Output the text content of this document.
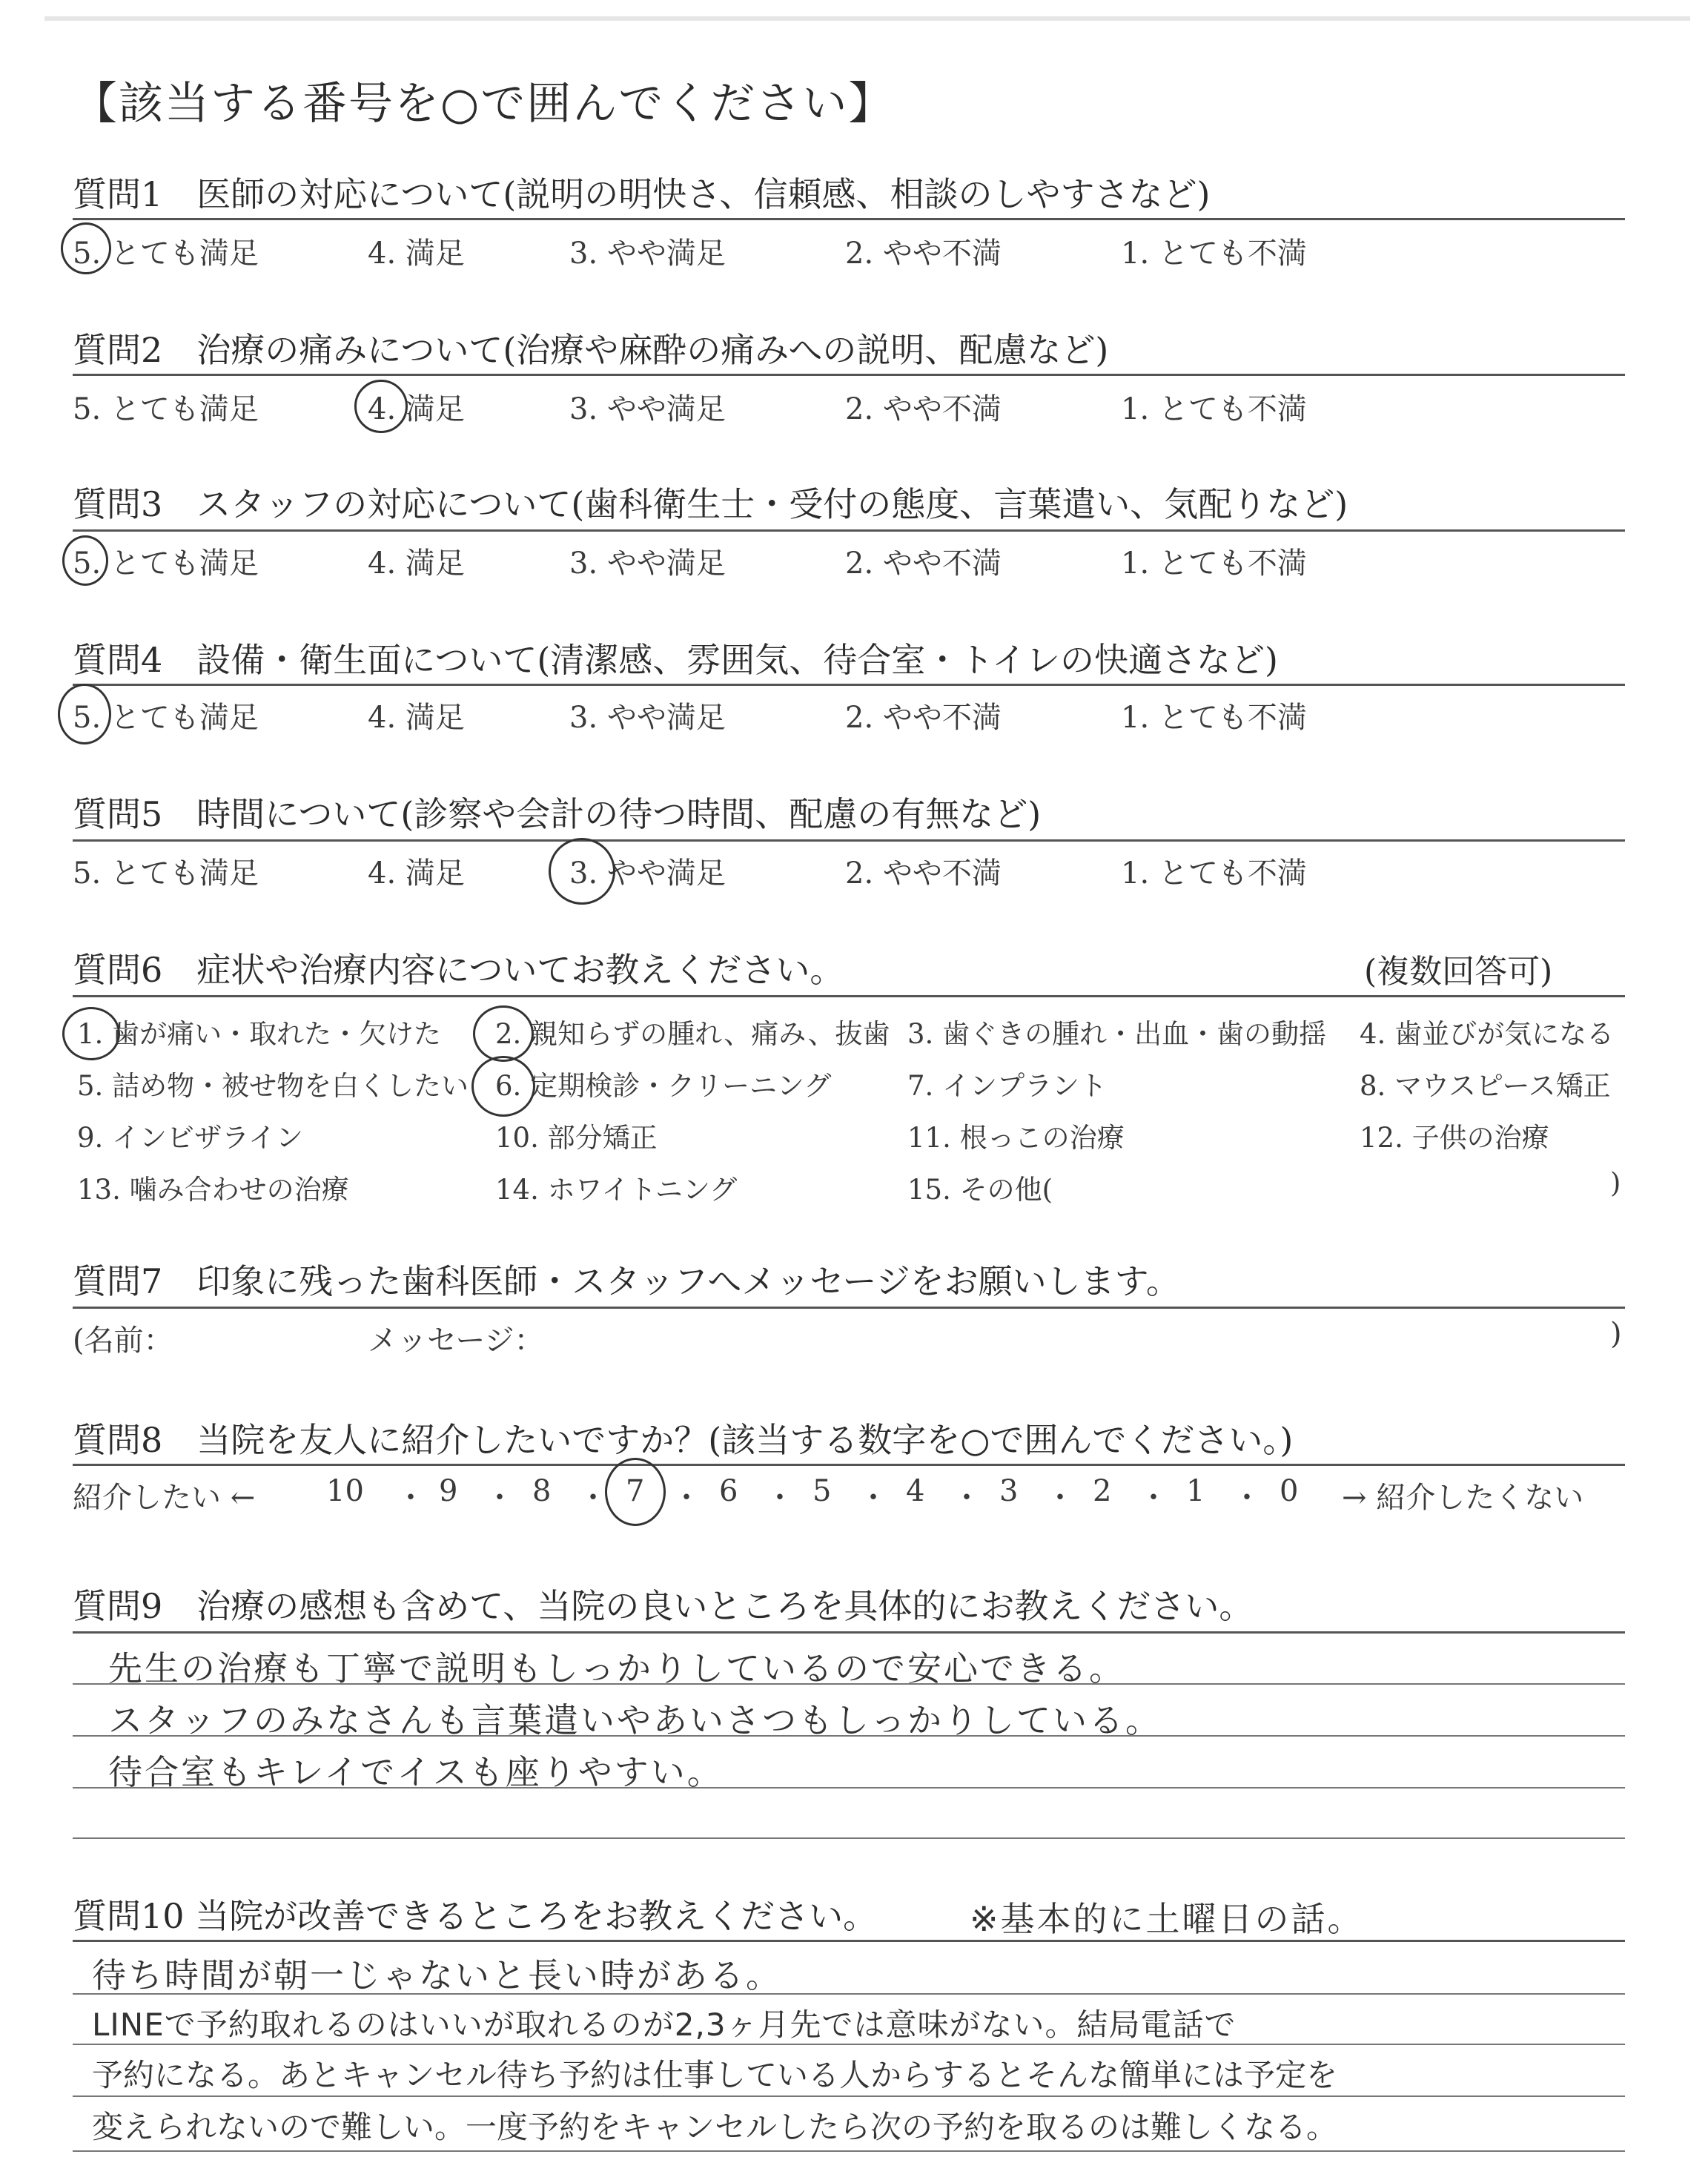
【該当する番号を○で囲んでください】
質問1　医師の対応について(説明の明快さ、信頼感、相談のしやすさなど)
5. とても満足	4. 満足	3. やや満足	2. やや不満	1. とても不満
質問2　治療の痛みについて(治療や麻酔の痛みへの説明、配慮など)
5. とても満足	4. 満足	3. やや満足	2. やや不満	1. とても不満
質問3　スタッフの対応について(歯科衛生士・受付の態度、言葉遣い、気配りなど)
5. とても満足	4. 満足	3. やや満足	2. やや不満	1. とても不満
質問4　設備・衛生面について(清潔感、雰囲気、待合室・トイレの快適さなど)
5. とても満足	4. 満足	3. やや満足	2. やや不満	1. とても不満
質問5　時間について(診察や会計の待つ時間、配慮の有無など)
5. とても満足	4. 満足	3. やや満足	2. やや不満	1. とても不満
質問6　症状や治療内容についてお教えください。	(複数回答可)
1. 歯が痛い・取れた・欠けた 2. 親知らずの腫れ、痛み、抜歯 3. 歯ぐきの腫れ・出血・歯の動揺 4. 歯並びが気になる
5. 詰め物・被せ物を白くしたい 6. 定期検診・クリーニング	7. インプラント	8. マウスピース矯正
9. インビザライン	10. 部分矯正	11. 根っこの治療	12. 子供の治療
13. 噛み合わせの治療	14. ホワイトニング	15. その他(	)
質問7　印象に残った歯科医師・スタッフへメッセージをお願いします。
(名前：	メッセージ：	)
質問8　当院を友人に紹介したいですか？(該当する数字を○で囲んでください。)
紹介したい ← 10	9	8	7	6	5	4	3	2	1	0 → 紹介したくない
・ ・ ・ ・ ・ ・ ・ ・ ・ ・
質問9　治療の感想も含めて、当院の良いところを具体的にお教えください。
先生の治療も丁寧で説明もしっかりしているので安心できる。
スタッフのみなさんも言葉遣いやあいさつもしっかりしている。
待合室もキレイでイスも座りやすい。
質問10 当院が改善できるところをお教えください。	※基本的に土曜日の話。
待ち時間が朝一じゃないと長い時がある。
LINEで予約取れるのはいいが取れるのが2,3ヶ月先では意味がない。結局電話で
予約になる。あとキャンセル待ち予約は仕事している人からするとそんな簡単には予定を
変えられないので難しい。一度予約をキャンセルしたら次の予約を取るのは難しくなる。
